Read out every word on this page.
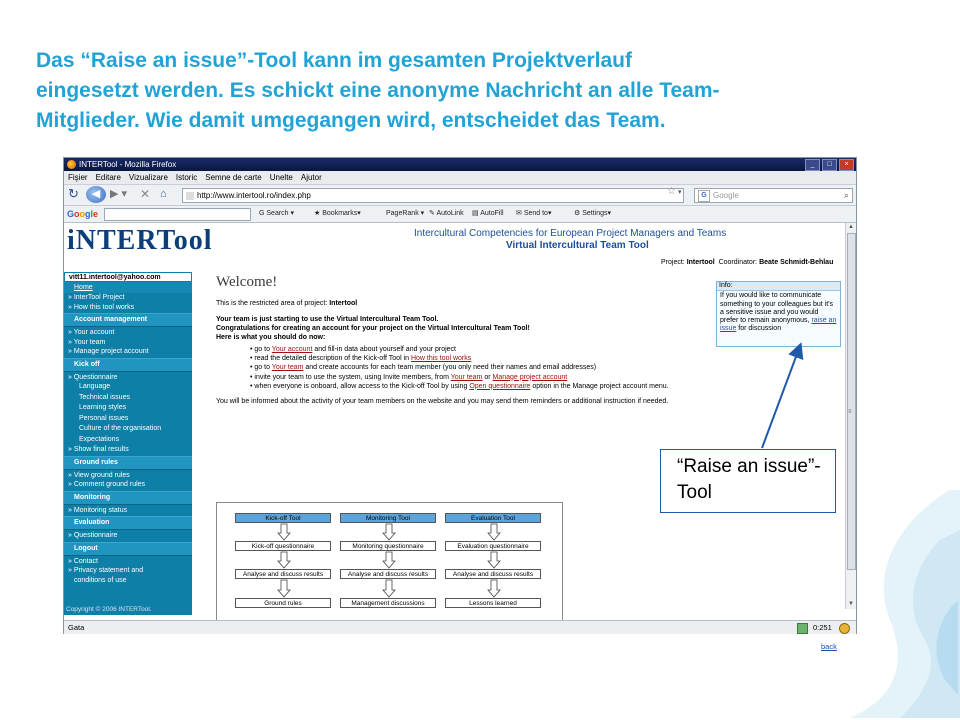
Das “Raise an issue”-Tool kann im gesamten Projektverlauf
eingesetzt werden. Es schickt eine anonyme Nachricht an alle Team-
Mitglieder. Wie damit umgegangen wird, entscheidet das Team.
INTERTool - Mozilla Firefox	_	□	×
Fişier Editare Vizualizare Istoric Semne de carte Unelte Ajutor
↻	◀ ▶ ▾ ✕ ⌂	http://www.intertool.ro/index.php	☆ ▾	G Google	⌕
Google	G Search ▾	★ Bookmarks▾	PageRank ▾ ✎ AutoLink ▤ AutoFill ✉ Send to▾	⚙ Settings▾
iNTERTool	Intercultural Competencies for European Project Managers and Teams
Virtual Intercultural Team Tool
Project: Intertool Coordinator: Beate Schmidt-Behlau
vitt11.intertool@yahoo.com
Home
» InterTool Project
» How this tool works
Account management
» Your account
» Your team
» Manage project account
Kick off
» Questionnaire
Language
Technical issues
Learning styles
Personal issues
Culture of the organisation
Expectations
» Show final results
Ground rules
» View ground rules
» Comment ground rules
Monitoring
» Monitoring status
Evaluation
» Questionnaire
Logout
» Contact
» Privacy statement and
conditions of use
Welcome!

This is the restricted area of project: Intertool

Your team is just starting to use the Virtual Intercultural Team Tool.

Congratulations for creating an account for your project on the Virtual Intercultural Team Tool!

Here is what you should do now:

• go to Your account and fill-in data about yourself and your project
• read the detailed description of the Kick-off Tool in How this tool works
• go to Your team and create accounts for each team member (you only need their names and email addresses)
• invite your team to use the system, using Invite members, from Your team or Manage project account
• when everyone is onboard, allow access to the Kick-off Tool by using Open questionnaire option in the Manage project account menu.

You will be informed about the activity of your team members on the website and you may send them reminders or additional instruction if needed.

Info:
If you would like to communicate something to your colleagues but it's a sensitive issue and you would prefer to remain anonymous, raise an issue for discussion
Kick-off Tool	Monitoring Tool	Evaluation Tool
Kick-off questionnaire	Monitoring questionnaire	Evaluation questionnaire
Analyse and discuss results	Analyse and discuss results	Analyse and discuss results
Ground rules	Management discussions	Lessons learned
back
▲
≡
▼
Copyright © 2006 INTERTool.
Gata	0:251
“Raise an issue”-Tool
